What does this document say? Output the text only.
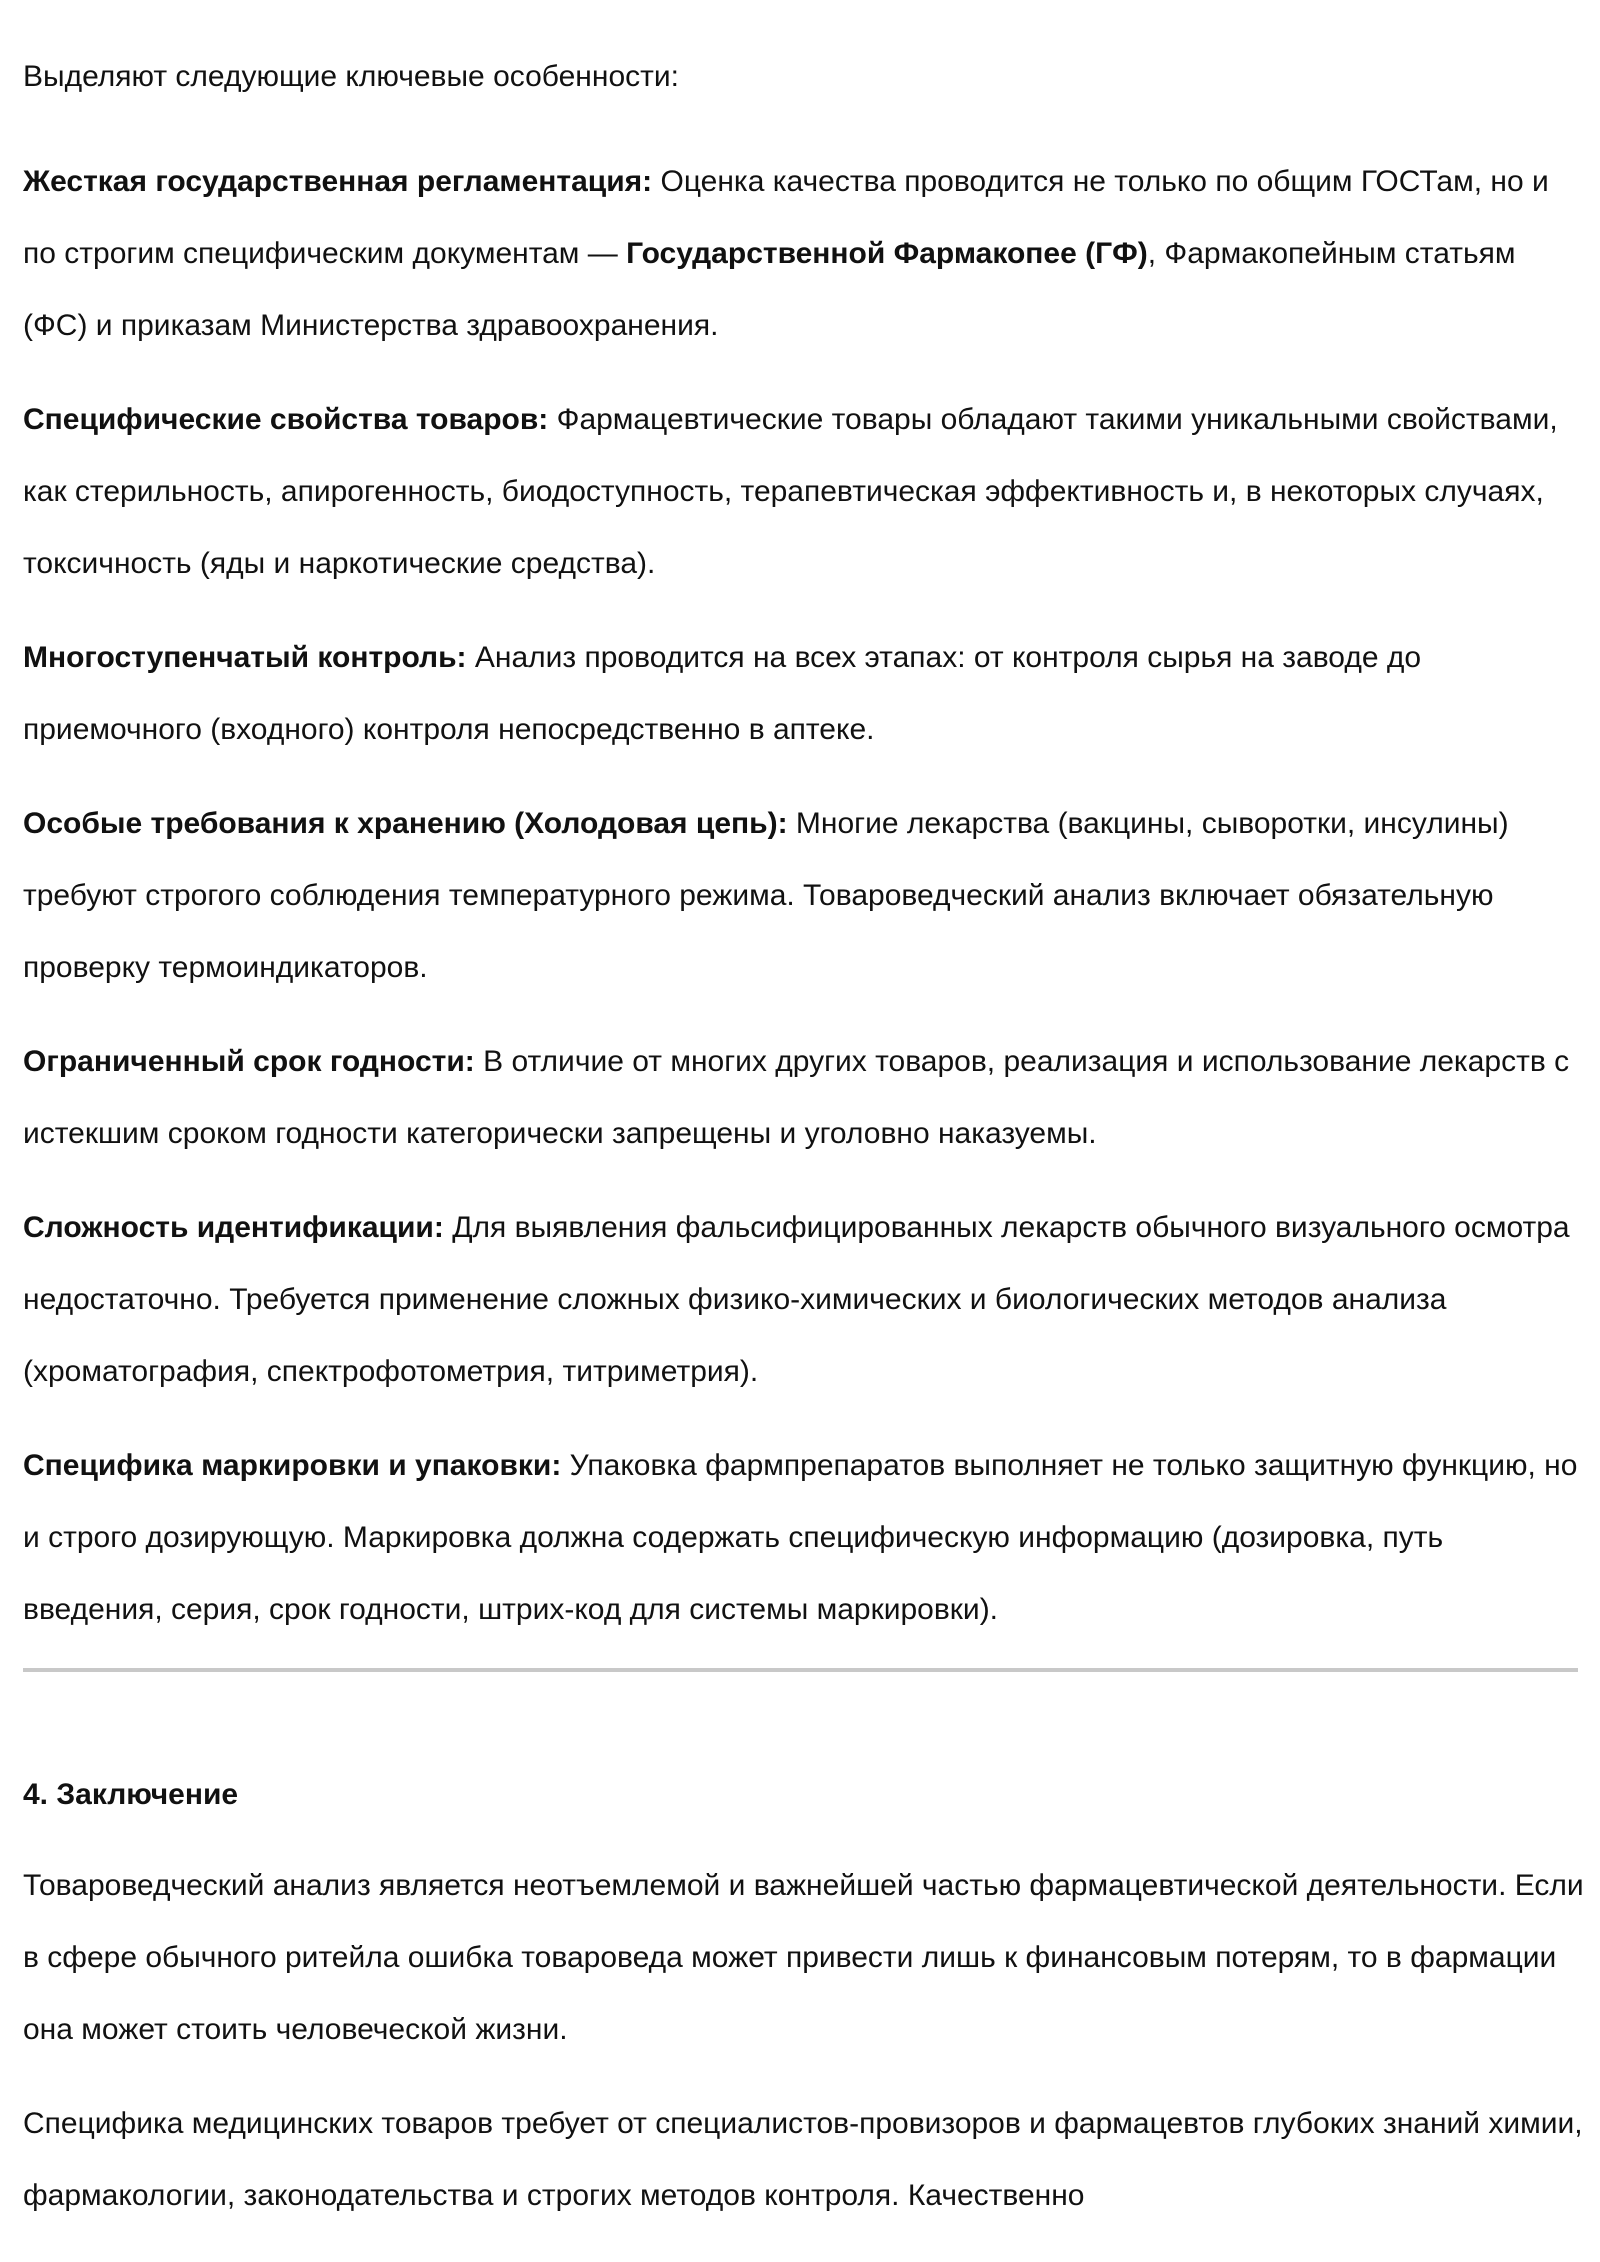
Выделяют следующие ключевые особенности:

Жесткая государственная регламентация: Оценка качества проводится не только по общим ГОСТам, но и по строгим специфическим документам — Государственной Фармакопее (ГФ), Фармакопейным статьям (ФС) и приказам Министерства здравоохранения.

Специфические свойства товаров: Фармацевтические товары обладают такими уникальными свойствами, как стерильность, апирогенность, биодоступность, терапевтическая эффективность и, в некоторых случаях, токсичность (яды и наркотические средства).

Многоступенчатый контроль: Анализ проводится на всех этапах: от контроля сырья на заводе до приемочного (входного) контроля непосредственно в аптеке.

Особые требования к хранению (Холодовая цепь): Многие лекарства (вакцины, сыворотки, инсулины) требуют строгого соблюдения температурного режима. Товароведческий анализ включает обязательную проверку термоиндикаторов.

Ограниченный срок годности: В отличие от многих других товаров, реализация и использование лекарств с истекшим сроком годности категорически запрещены и уголовно наказуемы.

Сложность идентификации: Для выявления фальсифицированных лекарств обычного визуального осмотра недостаточно. Требуется применение сложных физико-химических и биологических методов анализа (хроматография, спектрофотометрия, титриметрия).

Специфика маркировки и упаковки: Упаковка фармпрепаратов выполняет не только защитную функцию, но и строго дозирующую. Маркировка должна содержать специфическую информацию (дозировка, путь введения, серия, срок годности, штрих-код для системы маркировки).

4. Заключение

Товароведческий анализ является неотъемлемой и важнейшей частью фармацевтической деятельности. Если в сфере обычного ритейла ошибка товароведа может привести лишь к финансовым потерям, то в фармации она может стоить человеческой жизни.

Специфика медицинских товаров требует от специалистов-провизоров и фармацевтов глубоких знаний химии, фармакологии, законодательства и строгих методов контроля. Качественно
